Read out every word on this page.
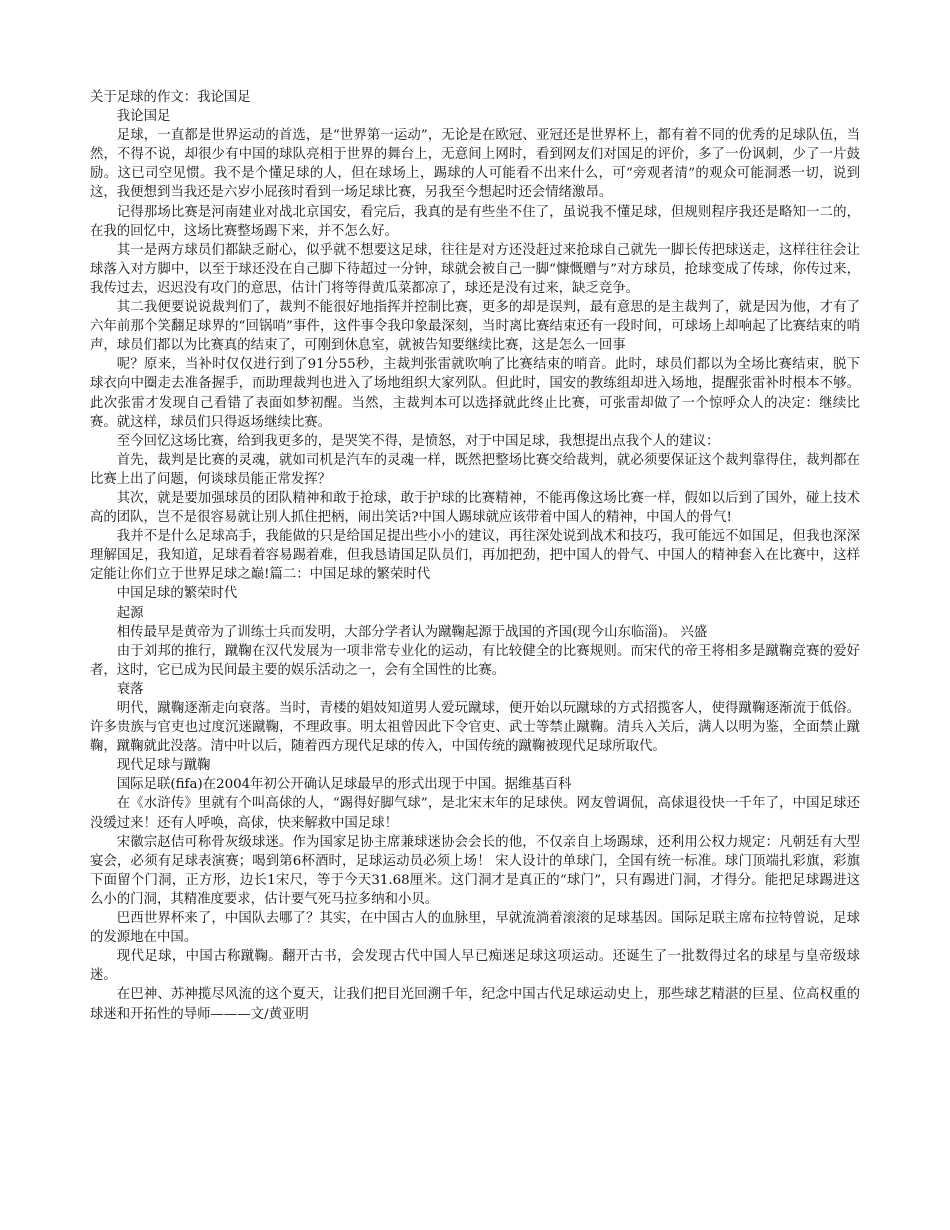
关于足球的作文：我论国足

我论国足

足球，一直都是世界运动的首选，是“世界第一运动”，无论是在欧冠、亚冠还是世界杯上，都有着不同的优秀的足球队伍，当然，不得不说，却很少有中国的球队亮相于世界的舞台上，无意间上网时，看到网友们对国足的评价，多了一份讽刺，少了一片鼓励。这已司空见惯。我不是个懂足球的人，但在球场上，踢球的人可能看不出来什么，可“旁观者清”的观众可能洞悉一切，说到这，我便想到当我还是六岁小屁孩时看到一场足球比赛，另我至今想起时还会情绪激昂。

记得那场比赛是河南建业对战北京国安，看完后，我真的是有些坐不住了，虽说我不懂足球，但规则程序我还是略知一二的，在我的回忆中，这场比赛整场踢下来，并不怎么好。

其一是两方球员们都缺乏耐心，似乎就不想要这足球，往往是对方还没赶过来抢球自己就先一脚长传把球送走，这样往往会让球落入对方脚中，以至于球还没在自己脚下待超过一分钟，球就会被自己一脚“慷慨赠与”对方球员，抢球变成了传球，你传过来，我传过去，迟迟没有攻门的意思，估计门将等得黄瓜菜都凉了，球还是没有过来，缺乏竞争。

其二我便要说说裁判们了，裁判不能很好地指挥并控制比赛，更多的却是误判，最有意思的是主裁判了，就是因为他，才有了六年前那个笑翻足球界的“回锅哨”事件，这件事令我印象最深刻，当时离比赛结束还有一段时间，可球场上却响起了比赛结束的哨声，球员们都以为比赛真的结束了，可刚到休息室，就被告知要继续比赛，这是怎么一回事

呢？原来，当补时仅仅进行到了91分55秒，主裁判张雷就吹响了比赛结束的哨音。此时，球员们都以为全场比赛结束，脱下球衣向中圈走去准备握手，而助理裁判也进入了场地组织大家列队。但此时，国安的教练组却进入场地，提醒张雷补时根本不够。此次张雷才发现自己看错了表面如梦初醒。当然，主裁判本可以选择就此终止比赛，可张雷却做了一个惊呼众人的决定：继续比赛。就这样，球员们只得返场继续比赛。

至今回忆这场比赛，给到我更多的，是哭笑不得，是愤怒，对于中国足球，我想提出点我个人的建议：

首先，裁判是比赛的灵魂，就如司机是汽车的灵魂一样，既然把整场比赛交给裁判，就必须要保证这个裁判靠得住，裁判都在比赛上出了问题，何谈球员能正常发挥？

其次，就是要加强球员的团队精神和敢于抢球，敢于护球的比赛精神，不能再像这场比赛一样，假如以后到了国外，碰上技术高的团队，岂不是很容易就让别人抓住把柄，闹出笑话?中国人踢球就应该带着中国人的精神，中国人的骨气!

我并不是什么足球高手，我能做的只是给国足提出些小小的建议，再往深处说到战术和技巧，我可能远不如国足，但我也深深理解国足，我知道，足球看着容易踢着难，但我恳请国足队员们，再加把劲，把中国人的骨气、中国人的精神套入在比赛中，这样定能让你们立于世界足球之巅!篇二：中国足球的繁荣时代

中国足球的繁荣时代

起源

相传最早是黄帝为了训练士兵而发明，大部分学者认为蹴鞠起源于战国的齐国(现今山东临淄)。 兴盛

由于刘邦的推行，蹴鞠在汉代发展为一项非常专业化的运动，有比较健全的比赛规则。而宋代的帝王将相多是蹴鞠竞赛的爱好者，这时，它已成为民间最主要的娱乐活动之一，会有全国性的比赛。

衰落

明代，蹴鞠逐渐走向衰落。当时，青楼的娼妓知道男人爱玩蹴球，便开始以玩蹴球的方式招揽客人，使得蹴鞠逐渐流于低俗。许多贵族与官吏也过度沉迷蹴鞠，不理政事。明太祖曾因此下令官吏、武士等禁止蹴鞠。清兵入关后，满人以明为鉴，全面禁止蹴鞠，蹴鞠就此没落。清中叶以后，随着西方现代足球的传入，中国传统的蹴鞠被现代足球所取代。

现代足球与蹴鞠

国际足联(fifa)在2004年初公开确认足球最早的形式出现于中国。据维基百科

在《水浒传》里就有个叫高俅的人，“踢得好脚气球”，是北宋末年的足球侠。网友曾调侃，高俅退役快一千年了，中国足球还没缓过来！还有人呼唤，高俅，快来解救中国足球！

宋徽宗赵佶可称骨灰级球迷。作为国家足协主席兼球迷协会会长的他，不仅亲自上场踢球，还利用公权力规定：凡朝廷有大型宴会，必须有足球表演赛；喝到第6杯酒时，足球运动员必须上场！ 宋人设计的单球门，全国有统一标准。球门顶端扎彩旗，彩旗下面留个门洞，正方形，边长1宋尺，等于今天31.68厘米。这门洞才是真正的“球门”，只有踢进门洞，才得分。能把足球踢进这么小的门洞，其精准度要求，估计要气死马拉多纳和小贝。

巴西世界杯来了，中国队去哪了？其实，在中国古人的血脉里，早就流淌着滚滚的足球基因。国际足联主席布拉特曾说，足球的发源地在中国。

现代足球，中国古称蹴鞠。翻开古书，会发现古代中国人早已痴迷足球这项运动。还诞生了一批数得过名的球星与皇帝级球迷。

在巴神、苏神揽尽风流的这个夏天，让我们把目光回溯千年，纪念中国古代足球运动史上，那些球艺精湛的巨星、位高权重的球迷和开拓性的导师———文/黄亚明
